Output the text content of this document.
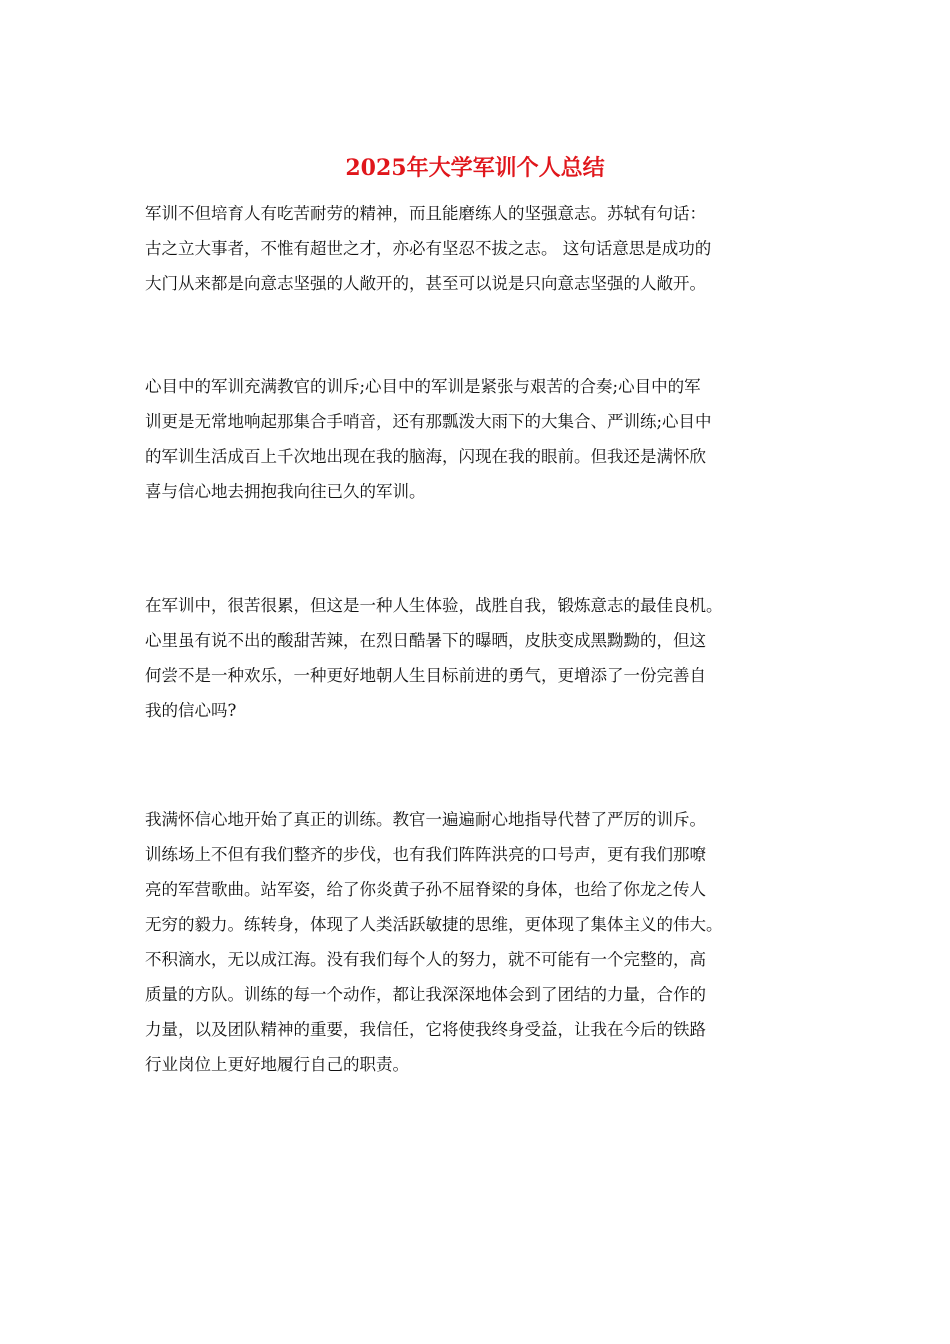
2025年大学军训个人总结
军训不但培育人有吃苦耐劳的精神，而且能磨练人的坚强意志。苏轼有句话：
古之立大事者，不惟有超世之才，亦必有坚忍不拔之志。 这句话意思是成功的
大门从来都是向意志坚强的人敞开的，甚至可以说是只向意志坚强的人敞开。
心目中的军训充满教官的训斥;心目中的军训是紧张与艰苦的合奏;心目中的军
训更是无常地响起那集合手哨音，还有那瓢泼大雨下的大集合、严训练;心目中
的军训生活成百上千次地出现在我的脑海，闪现在我的眼前。但我还是满怀欣
喜与信心地去拥抱我向往已久的军训。
在军训中，很苦很累，但这是一种人生体验，战胜自我，锻炼意志的最佳良机。
心里虽有说不出的酸甜苦辣，在烈日酷暑下的曝晒，皮肤变成黑黝黝的，但这
何尝不是一种欢乐，一种更好地朝人生目标前进的勇气，更增添了一份完善自
我的信心吗?
我满怀信心地开始了真正的训练。教官一遍遍耐心地指导代替了严厉的训斥。
训练场上不但有我们整齐的步伐，也有我们阵阵洪亮的口号声，更有我们那嘹
亮的军营歌曲。站军姿，给了你炎黄子孙不屈脊梁的身体，也给了你龙之传人
无穷的毅力。练转身，体现了人类活跃敏捷的思维，更体现了集体主义的伟大。
不积滴水，无以成江海。没有我们每个人的努力，就不可能有一个完整的，高
质量的方队。训练的每一个动作，都让我深深地体会到了团结的力量，合作的
力量，以及团队精神的重要，我信任，它将使我终身受益，让我在今后的铁路
行业岗位上更好地履行自己的职责。
